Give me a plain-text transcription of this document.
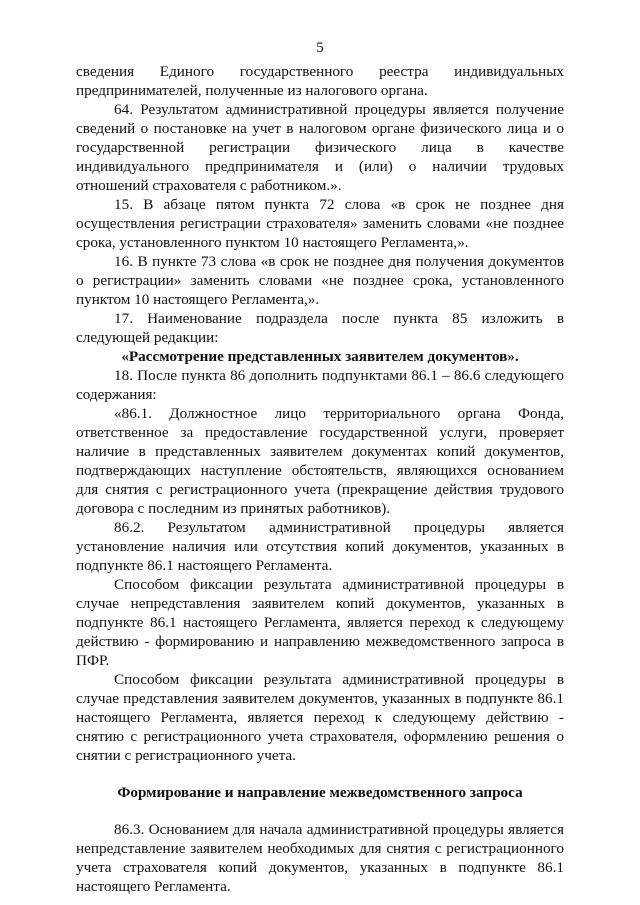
5

сведения Единого государственного реестра индивидуальных предпринимателей, полученные из налогового органа.

64. Результатом административной процедуры является получение сведений о постановке на учет в налоговом органе физического лица и о государственной регистрации физического лица в качестве индивидуального предпринимателя и (или) о наличии трудовых отношений страхователя с работником.».

15. В абзаце пятом пункта 72 слова «в срок не позднее дня осуществления регистрации страхователя» заменить словами «не позднее срока, установленного пунктом 10 настоящего Регламента,».

16. В пункте 73 слова «в срок не позднее дня получения документов о регистрации» заменить словами «не позднее срока, установленного пунктом 10 настоящего Регламента,».

17. Наименование подраздела после пункта 85 изложить в следующей редакции:

«Рассмотрение представленных заявителем документов».

18. После пункта 86 дополнить подпунктами 86.1 – 86.6 следующего содержания:

«86.1. Должностное лицо территориального органа Фонда, ответственное за предоставление государственной услуги, проверяет наличие в представленных заявителем документах копий документов, подтверждающих наступление обстоятельств, являющихся основанием для снятия с регистрационного учета (прекращение действия трудового договора с последним из принятых работников).

86.2. Результатом административной процедуры является установление наличия или отсутствия копий документов, указанных в подпункте 86.1 настоящего Регламента.

Способом фиксации результата административной процедуры в случае непредставления заявителем копий документов, указанных в подпункте 86.1 настоящего Регламента, является переход к следующему действию - формированию и направлению межведомственного запроса в ПФР.

Способом фиксации результата административной процедуры в случае представления заявителем документов, указанных в подпункте 86.1 настоящего Регламента, является переход к следующему действию - снятию с регистрационного учета страхователя, оформлению решения о снятии с регистрационного учета.

Формирование и направление межведомственного запроса

86.3. Основанием для начала административной процедуры является непредставление заявителем необходимых для снятия с регистрационного учета страхователя копий документов, указанных в подпункте 86.1 настоящего Регламента.
